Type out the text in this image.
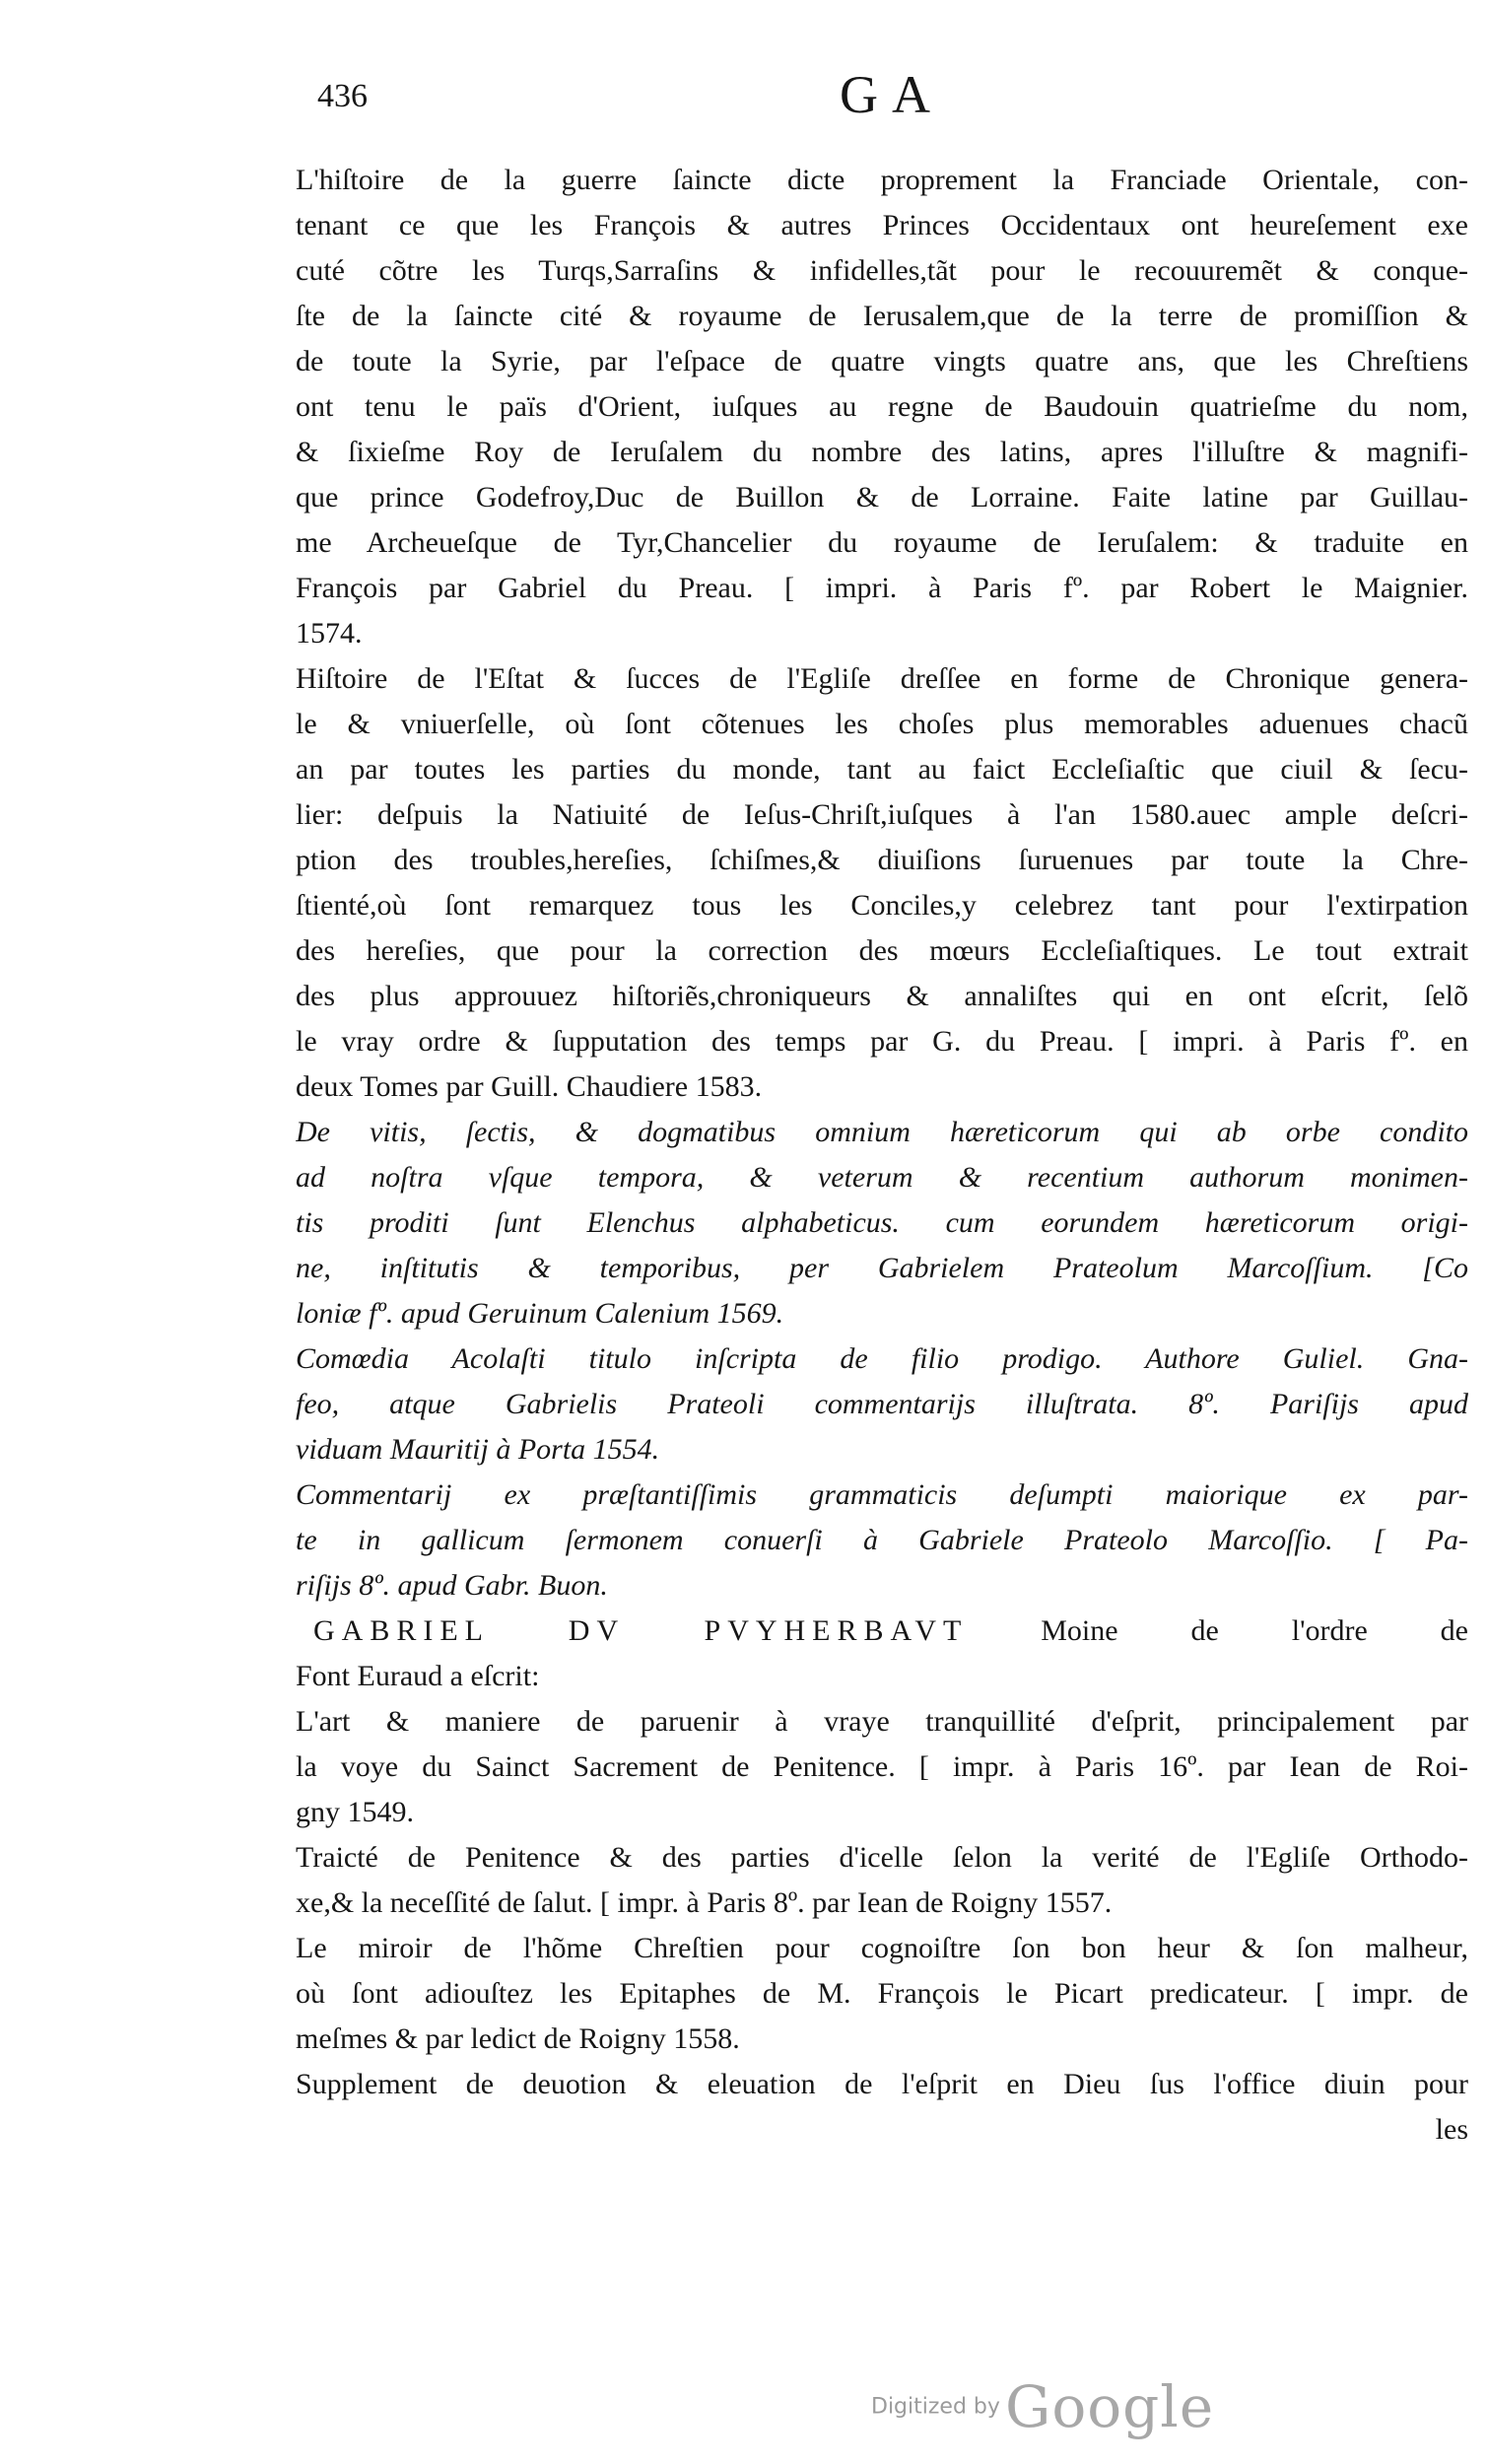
436	GA
L'hiſtoire de la guerre ſaincte dicte proprement la Franciade Orientale, con-
tenant ce que les François & autres Princes Occidentaux ont heureſement exe
cuté cõtre les Turqs,Sarraſins & infidelles,tãt pour le recouuremẽt & conque-
ſte de la ſaincte cité & royaume de Ierusalem,que de la terre de promiſſion &
de toute la Syrie, par l'eſpace de quatre vingts quatre ans, que les Chreſtiens
ont tenu le païs d'Orient, iuſques au regne de Baudouin quatrieſme du nom,
& ſixieſme Roy de Ieruſalem du nombre des latins, apres l'illuſtre & magnifi-
que prince Godefroy,Duc de Buillon & de Lorraine. Faite latine par Guillau-
me Archeueſque de Tyr,Chancelier du royaume de Ieruſalem: & traduite en
François par Gabriel du Preau. [ impri. à Paris fº. par Robert le Maignier.
1574.
Hiſtoire de l'Eſtat & ſucces de l'Egliſe dreſſee en forme de Chronique genera-
le & vniuerſelle, où ſont cõtenues les choſes plus memorables aduenues chacũ
an par toutes les parties du monde, tant au faict Eccleſiaſtic que ciuil & ſecu-
lier: deſpuis la Natiuité de Ieſus-Chriſt,iuſques à l'an 1580.auec ample deſcri-
ption des troubles,hereſies, ſchiſmes,& diuiſions ſuruenues par toute la Chre-
ſtienté,où ſont remarquez tous les Conciles,y celebrez tant pour l'extirpation
des hereſies, que pour la correction des mœurs Eccleſiaſtiques. Le tout extrait
des plus approuuez hiſtoriẽs,chroniqueurs & annaliſtes qui en ont eſcrit, ſelõ
le vray ordre & ſupputation des temps par G. du Preau. [ impri. à Paris fº. en
deux Tomes par Guill. Chaudiere 1583.
De vitis, ſectis, & dogmatibus omnium hæreticorum qui ab orbe condito
ad noſtra vſque tempora, & veterum & recentium authorum monimen-
tis proditi ſunt Elenchus alphabeticus. cum eorundem hæreticorum origi-
ne, inſtitutis & temporibus, per Gabrielem Prateolum Marcoſſium. [Co
loniæ fº. apud Geruinum Calenium 1569.
Comœdia Acolaſti titulo inſcripta de filio prodigo. Authore Guliel. Gna-
feo, atque Gabrielis Prateoli commentarijs illuſtrata. 8º. Pariſijs apud
viduam Mauritij à Porta 1554.
Commentarij ex præſtantiſſimis grammaticis deſumpti maiorique ex par-
te in gallicum ſermonem conuerſi à Gabriele Prateolo Marcoſſio. [ Pa-
riſijs 8º. apud Gabr. Buon.
GABRIEL DV PVYHERBAVT Moine de l'ordre de
Font Euraud a eſcrit:
L'art & maniere de paruenir à vraye tranquillité d'eſprit, principalement par
la voye du Sainct Sacrement de Penitence. [ impr. à Paris 16º. par Iean de Roi-
gny 1549.
Traicté de Penitence & des parties d'icelle ſelon la verité de l'Egliſe Orthodo-
xe,& la neceſſité de ſalut. [ impr. à Paris 8º. par Iean de Roigny 1557.
Le miroir de l'hõme Chreſtien pour cognoiſtre ſon bon heur & ſon malheur,
où ſont adiouſtez les Epitaphes de M. François le Picart predicateur. [ impr. de
meſmes & par ledict de Roigny 1558.
Supplement de deuotion & eleuation de l'eſprit en Dieu ſus l'office diuin pour
les
Digitized by Google
